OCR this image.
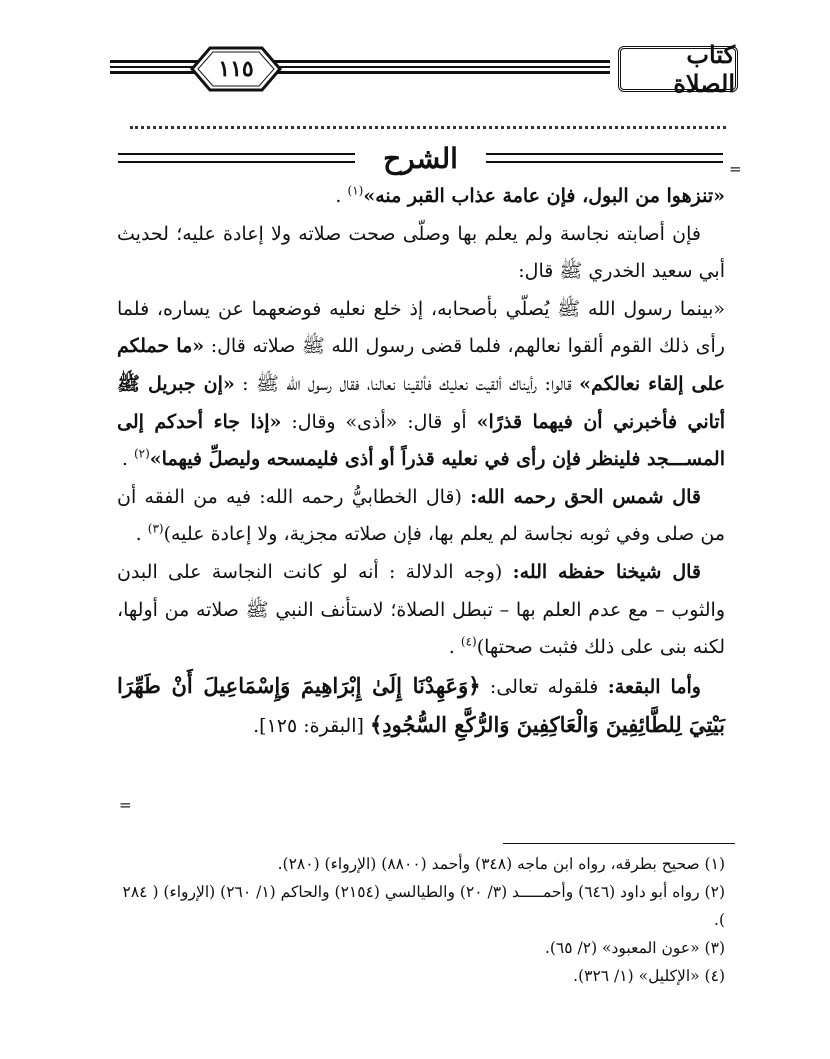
١١٥	كتاب الصلاة
الشرح	=

«تنزهوا من البول، فإن عامة عذاب القبر منه»$^{(١)}$ .

فإن أصابته نجاسة ولم يعلم بها وصلّى صحت صلاته ولا إعادة عليه؛ لحديث أبي سعيد الخدري ﷺ قال:

«بينما رسول الله ﷺ يُصلّي بأصحابه، إذ خلع نعليه فوضعهما عن يساره، فلما رأى ذلك القوم ألقوا نعالهم، فلما قضى رسول الله ﷺ صلاته قال: «ما حملكم على إلقاء نعالكم» قالوا: رأيناك ألقيت نعليك فألقينا نعالنا، فقال رسول الله ﷺ : «إن جبريل ﷺ أتاني فأخبرني أن فيهما قذرًا» أو قال: «أذى» وقال: «إذا جاء أحدكم إلى المســـجد فلينظر فإن رأى في نعليه قذراً أو أذى فليمسحه وليصلِّ فيهما»$^{(٢)}$ .

قال شمس الحق رحمه الله: (قال الخطابيُّ رحمه الله: فيه من الفقه أن من صلى وفي ثوبه نجاسة لم يعلم بها، فإن صلاته مجزية، ولا إعادة عليه)$^{(٣)}$ .

قال شيخنا حفظه الله: (وجه الدلالة : أنه لو كانت النجاسة على البدن والثوب – مع عدم العلم بها – تبطل الصلاة؛ لاستأنف النبي ﷺ صلاته من أولها، لكنه بنى على ذلك فثبت صحتها)$^{(٤)}$ .

وأما البقعة: فلقوله تعالى: ﴿وَعَهِدْنَا إِلَىٰ إِبْرَاهِيمَ وَإِسْمَاعِيلَ أَنْ طَهِّرَا بَيْتِيَ لِلطَّائِفِينَ وَالْعَاكِفِينَ وَالرُّكَّعِ السُّجُودِ﴾ [البقرة: ١٢٥].

=

(١) صحيح بطرقه، رواه ابن ماجه (٣٤٨) وأحمد (٨٨٠٠) (الإرواء) (٢٨٠).

(٢) رواه أبو داود (٦٤٦) وأحمـــــد (٣/ ٢٠) والطيالسي (٢١٥٤) والحاكم (١/ ٢٦٠) (الإرواء) ( ٢٨٤ ).

(٣) «عون المعبود» (٢/ ٦٥).

(٤) «الإكليل» (١/ ٣٢٦).
